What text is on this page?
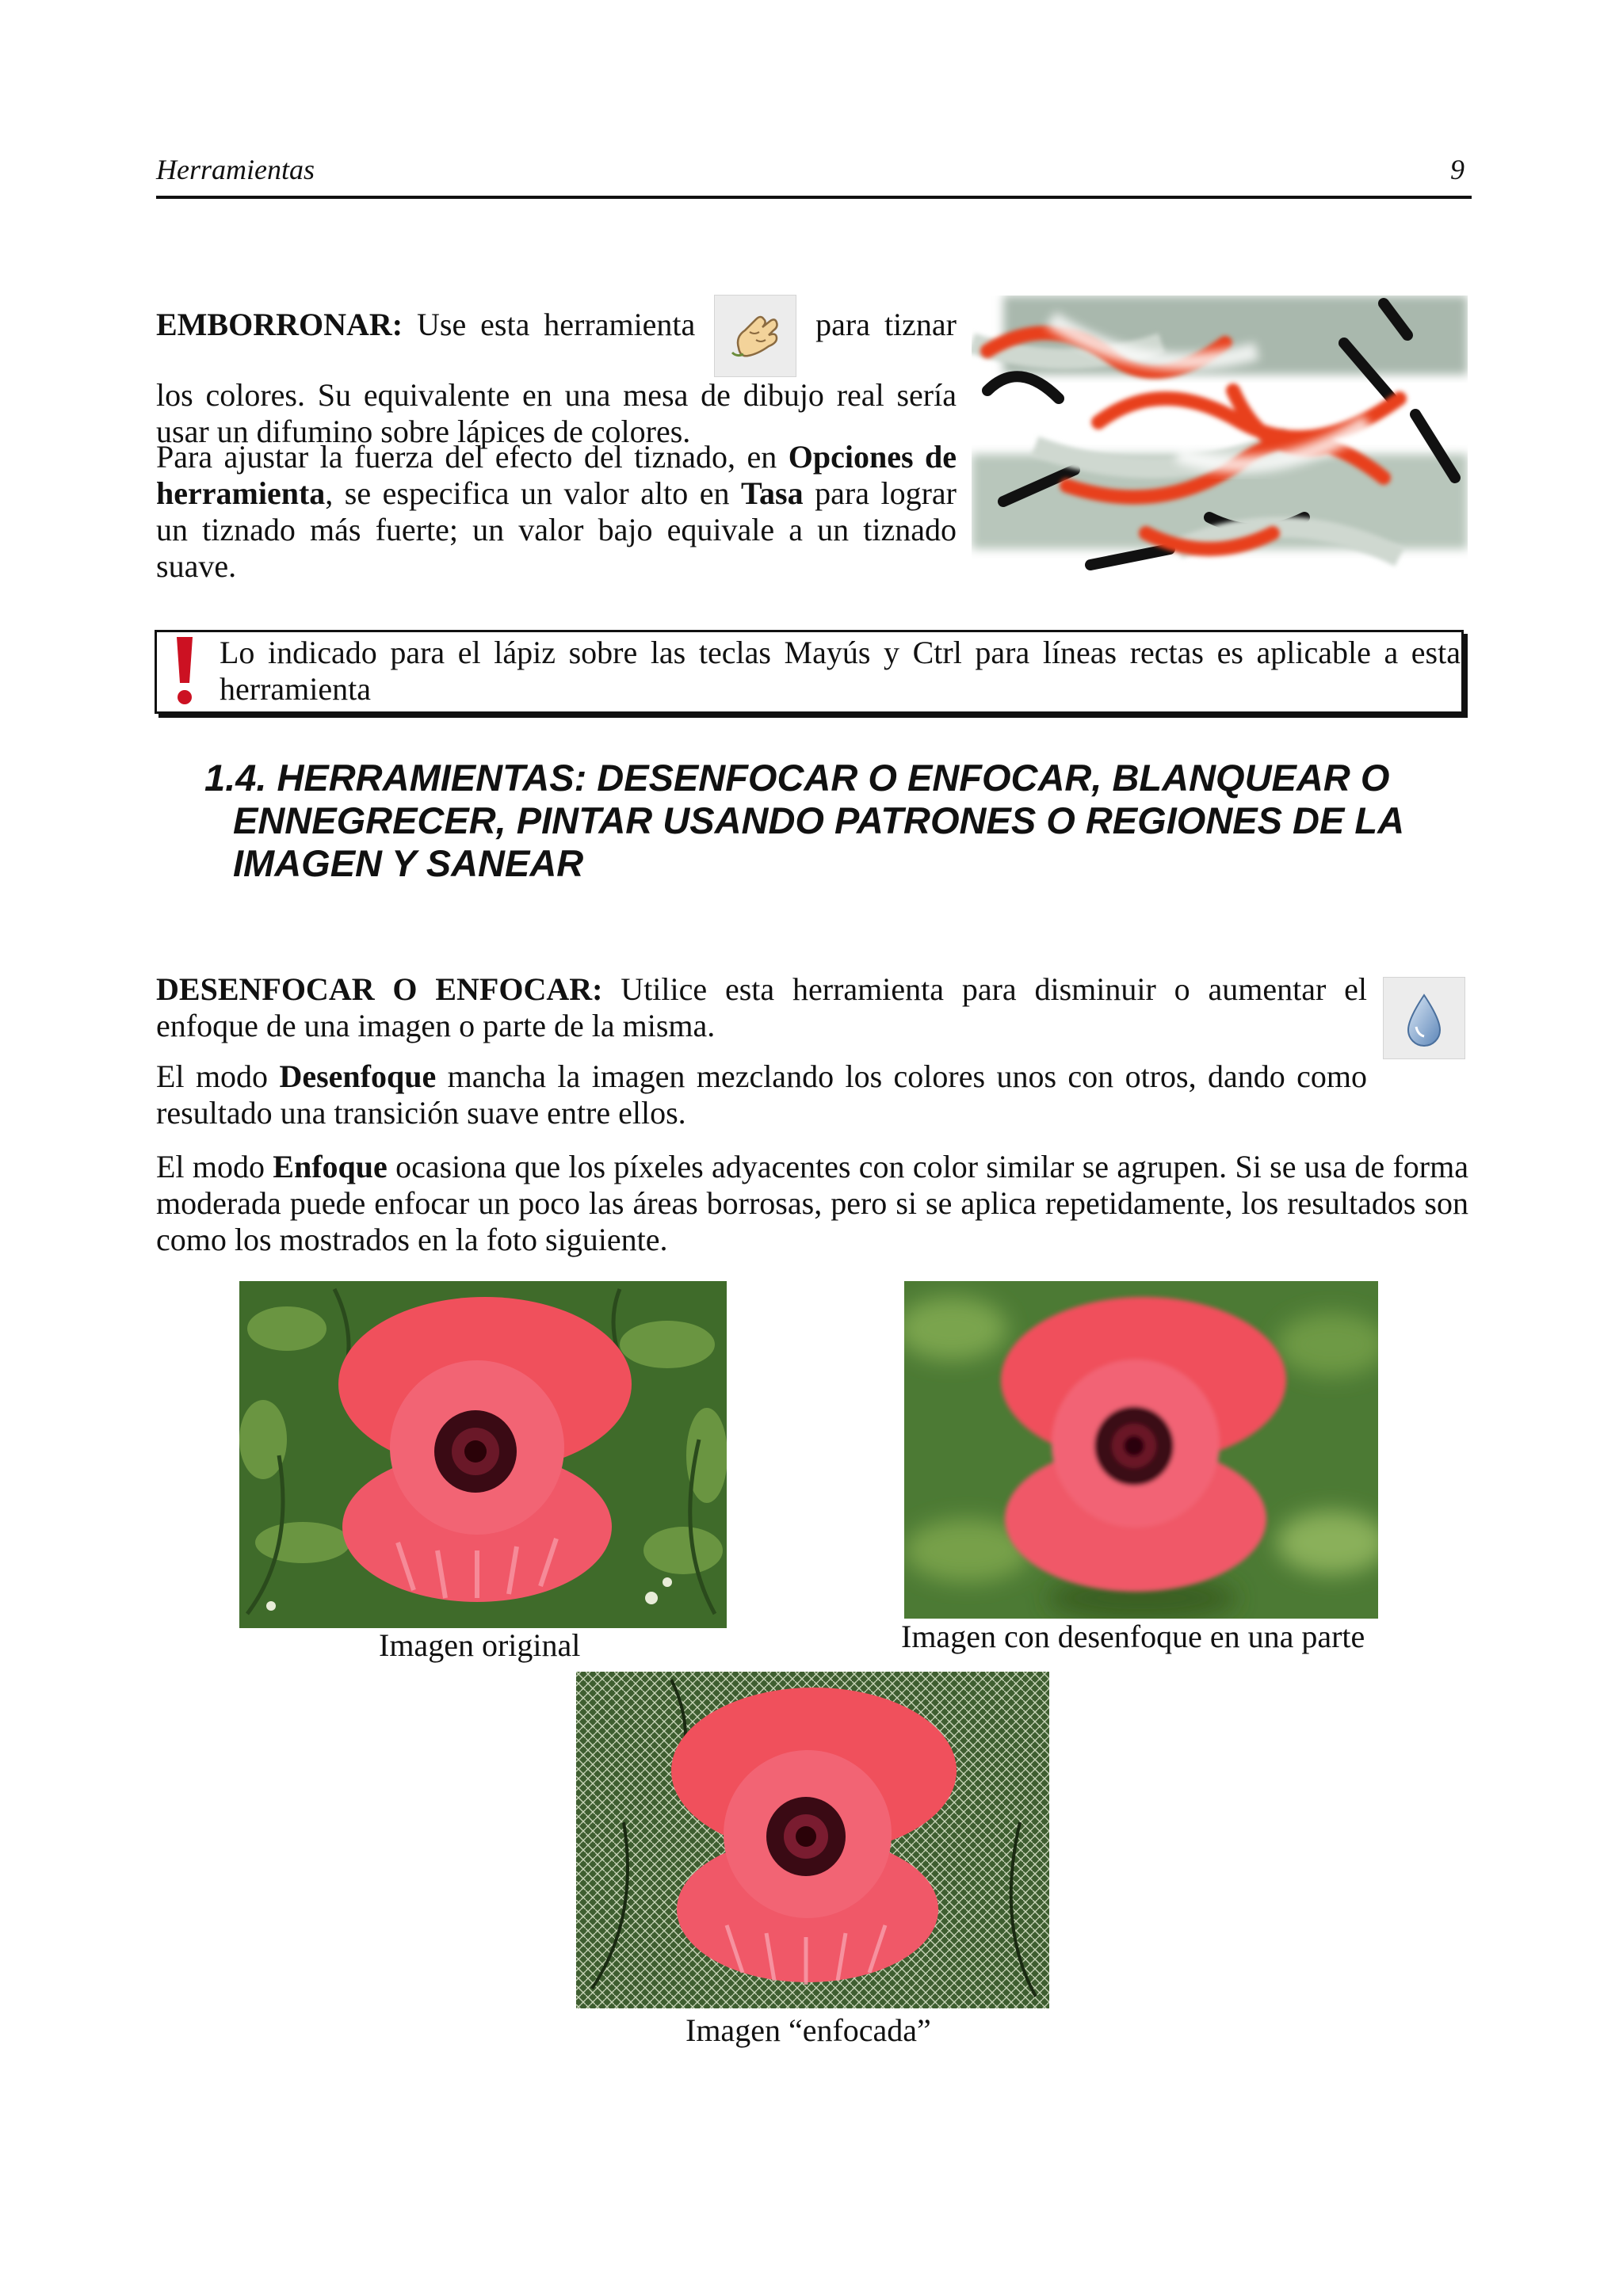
Herramientas	9
EMBORRONAR: Use esta herramienta	para tiznar los colores. Su equivalente en una mesa de dibujo real sería usar un difumino sobre lápices de colores.
Para ajustar la fuerza del efecto del tiznado, en Opciones de herramienta, se especifica un valor alto en Tasa para lograr un tiznado más fuerte; un valor bajo equivale a un tiznado suave.
Lo indicado para el lápiz sobre las teclas Mayús y Ctrl para líneas rectas es aplicable a esta herramienta
1.4. HERRAMIENTAS: DESENFOCAR O ENFOCAR, BLANQUEAR O
ENNEGRECER, PINTAR USANDO PATRONES O REGIONES DE LA
IMAGEN Y SANEAR
DESENFOCAR O ENFOCAR: Utilice esta herramienta para disminuir o aumentar el enfoque de una imagen o parte de la misma.
El modo Desenfoque mancha la imagen mezclando los colores unos con otros, dando como resultado una transición suave entre ellos.
El modo Enfoque ocasiona que los píxeles adyacentes con color similar se agrupen. Si se usa de forma moderada puede enfocar un poco las áreas borrosas, pero si se aplica repetidamente, los resultados son como los mostrados en la foto siguiente.
Imagen original	Imagen con desenfoque en una parte
Imagen “enfocada”
